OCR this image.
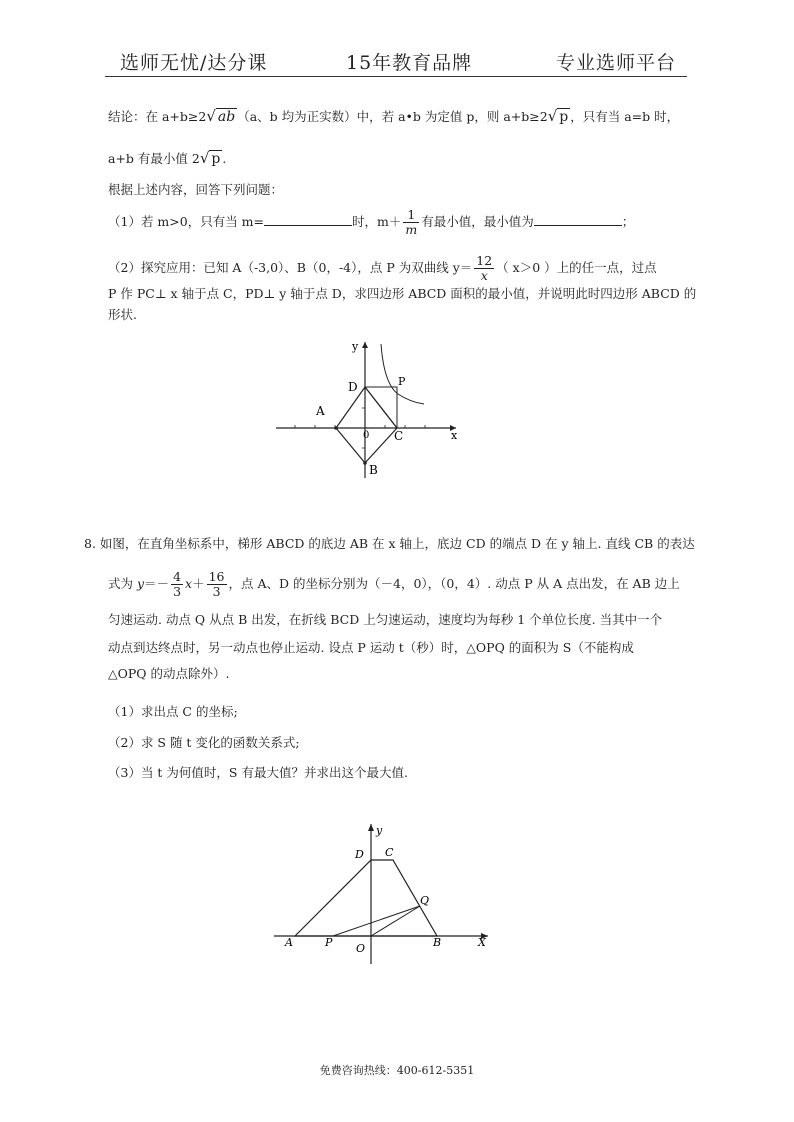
选师无忧/达分课	15年教育品牌	专业选师平台
结论：在 a+b≥2√ ab （a、b 均为正实数）中，若 a•b 为定值 p，则 a+b≥2√ p ，只有当 a=b 时，
a+b 有最小值 2√ p .
根据上述内容，回答下列问题：
（1）若 m>0，只有当 m=	时，$m+ \frac{1}{m}$ 有最小值，最小值为	；
（2）探究应用：已知 A（-3,0）、B（0，-4），点 P 为双曲线 $y= \frac{12}{x}$ （ x＞0 ）上的任一点，过点
P 作 PC⊥ x 轴于点 C，PD⊥ y 轴于点 D，求四边形 ABCD 面积的最小值，并说明此时四边形 ABCD 的
形状.
y
x
D	P
A
0 C
B
8. 如图，在直角坐标系中，梯形 ABCD 的底边 AB 在 x 轴上，底边 CD 的端点 D 在 y 轴上. 直线 CB 的表达
式为 $y=- \frac{4}{3} x+ \frac{16}{3}$ ，点 A、D 的坐标分别为（－4，0），（0，4）. 动点 P 从 A 点出发，在 AB 边上
匀速运动. 动点 Q 从点 B 出发，在折线 BCD 上匀速运动，速度均为每秒 1 个单位长度. 当其中一个
动点到达终点时，另一动点也停止运动. 设点 P 运动 t（秒）时，△OPQ 的面积为 S（不能构成
△OPQ 的动点除外）.
（1）求出点 C 的坐标;
（2）求 S 随 t 变化的函数关系式;
（3）当 t 为何值时，S 有最大值？并求出这个最大值.
y
X
D C
Q
A	P O	B
免费咨询热线：400-612-5351
